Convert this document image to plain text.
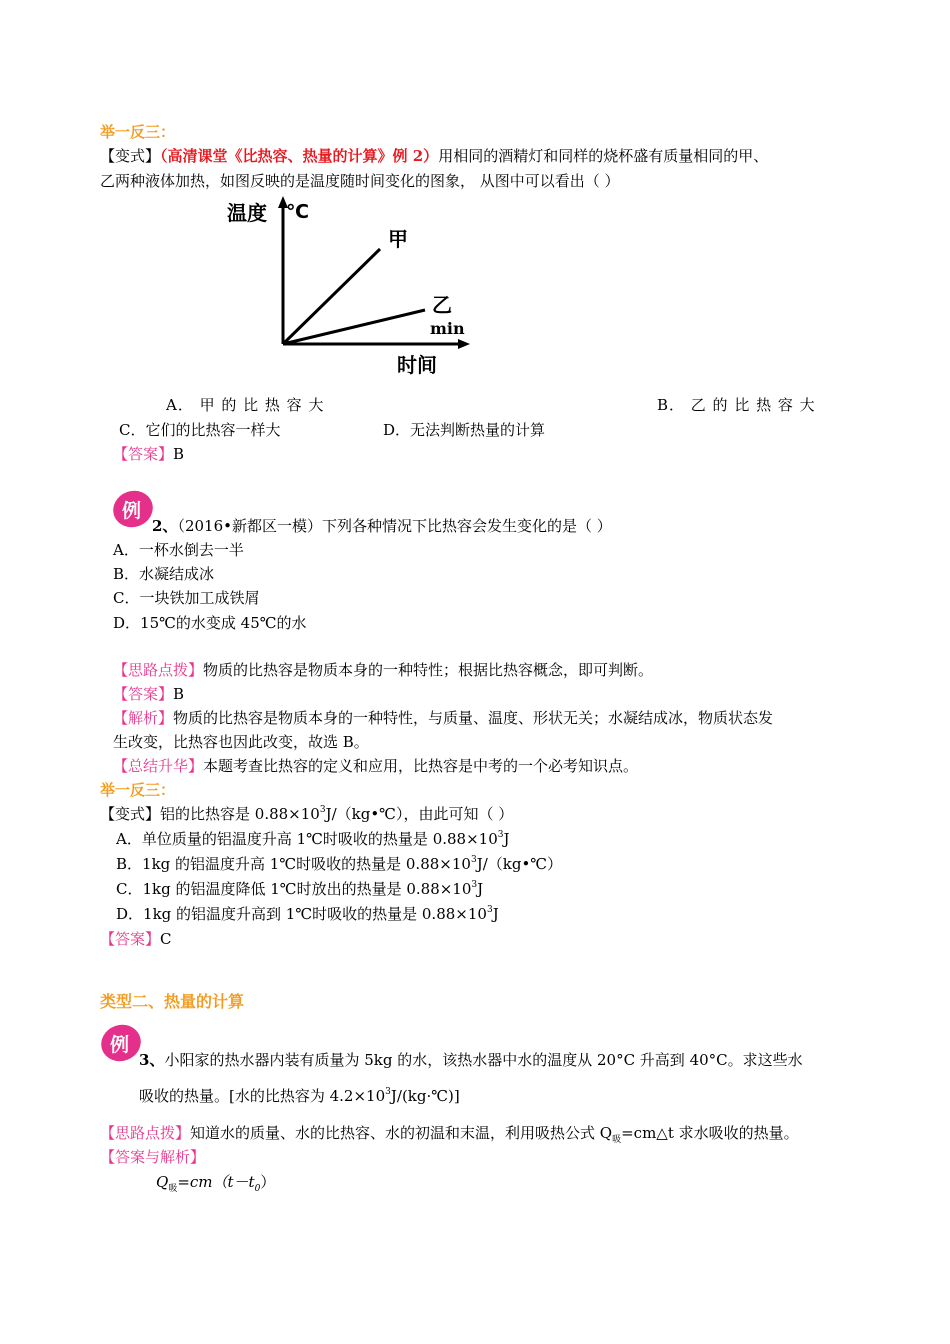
举一反三：
【变式】（高清课堂《比热容、热量的计算》例 2）用相同的酒精灯和同样的烧杯盛有质量相同的甲、
乙两种液体加热，如图反映的是温度随时间变化的图象， 从图中可以看出（ ）
温度 ℃
甲
乙
min
时间
A． 甲 的 比 热 容 大	B． 乙 的 比 热 容 大
C．它们的比热容一样大	D．无法判断热量的计算
【答案】B
例
2、（2016•新都区一模）下列各种情况下比热容会发生变化的是（ ）
A．一杯水倒去一半
B．水凝结成冰
C．一块铁加工成铁屑
D．15℃的水变成 45℃的水
【思路点拨】物质的比热容是物质本身的一种特性；根据比热容概念，即可判断。
【答案】B
【解析】物质的比热容是物质本身的一种特性，与质量、温度、形状无关；水凝结成冰，物质状态发
生改变，比热容也因此改变，故选 B。
【总结升华】本题考查比热容的定义和应用，比热容是中考的一个必考知识点。
举一反三：
【变式】铝的比热容是 $0.88\times 10^3J/(kg•℃)$，由此可知（ ）
A．单位质量的铝温度升高 1℃时吸收的热量是 $0.88\times 10^3J$
B．1kg 的铝温度升高 1℃时吸收的热量是 $0.88\times 10^3J/(kg•℃)$
C．1kg 的铝温度降低 1℃时放出的热量是 $0.88\times 10^3J$
D．1kg 的铝温度升高到 1℃时吸收的热量是 $0.88\times 10^3J$
【答案】C
类型二、热量的计算
例
3、小阳家的热水器内装有质量为 5kg 的水，该热水器中水的温度从 20°C 升高到 40°C。求这些水
吸收的热量。[水的比热容为 $4.2\times 10^3J/(kg\cdot℃)$]
【思路点拨】知道水的质量、水的比热容、水的初温和末温，利用吸热公式 $Q_吸=cm\triangle t$ 求水吸收的热量。
【答案与解析】
$Q_吸=cm(t-t_0)$
